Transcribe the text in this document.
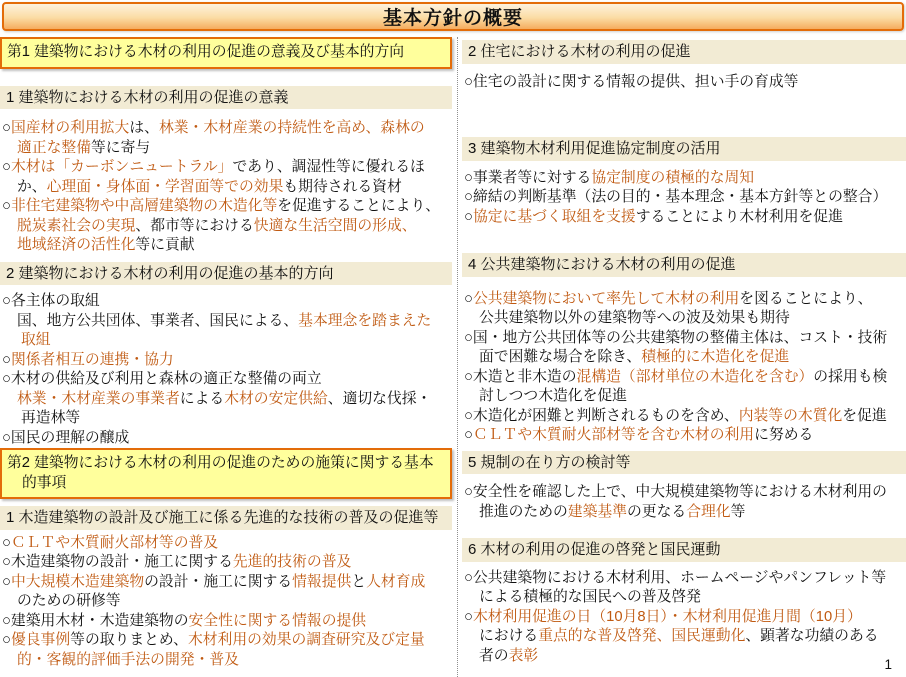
基本方針の概要
第1 建築物における木材の利用の促進の意義及び基本的方向
1 建築物における木材の利用の促進の意義
○国産材の利用拡大は、林業・木材産業の持続性を高め、森林の
適正な整備等に寄与
○木材は「カーボンニュートラル」であり、調湿性等に優れるほ
か、心理面・身体面・学習面等での効果も期待される資材
○非住宅建築物や中高層建築物の木造化等を促進することにより、
脱炭素社会の実現、都市等における快適な生活空間の形成、
地域経済の活性化等に貢献
2 建築物における木材の利用の促進の基本的方向
○各主体の取組
国、地方公共団体、事業者、国民による、基本理念を踏まえた
取組
○関係者相互の連携・協力
○木材の供給及び利用と森林の適正な整備の両立
林業・木材産業の事業者による木材の安定供給、適切な伐採・
再造林等
○国民の理解の醸成
第2 建築物における木材の利用の促進のための施策に関する基本
的事項
1 木造建築物の設計及び施工に係る先進的な技術の普及の促進等
○ＣＬＴや木質耐火部材等の普及
○木造建築物の設計・施工に関する先進的技術の普及
○中大規模木造建築物の設計・施工に関する情報提供と人材育成
のための研修等
○建築用木材・木造建築物の安全性に関する情報の提供
○優良事例等の取りまとめ、木材利用の効果の調査研究及び定量
的・客観的評価手法の開発・普及
2 住宅における木材の利用の促進
○住宅の設計に関する情報の提供、担い手の育成等
3 建築物木材利用促進協定制度の活用
○事業者等に対する協定制度の積極的な周知
○締結の判断基準（法の目的・基本理念・基本方針等との整合）
○協定に基づく取組を支援することにより木材利用を促進
4 公共建築物における木材の利用の促進
○公共建築物において率先して木材の利用を図ることにより、
公共建築物以外の建築物等への波及効果も期待
○国・地方公共団体等の公共建築物の整備主体は、コスト・技術
面で困難な場合を除き、積極的に木造化を促進
○木造と非木造の混構造（部材単位の木造化を含む）の採用も検
討しつつ木造化を促進
○木造化が困難と判断されるものを含め、内装等の木質化を促進
○ＣＬＴや木質耐火部材等を含む木材の利用に努める
5 規制の在り方の検討等
○安全性を確認した上で、中大規模建築物等における木材利用の
推進のための建築基準の更なる合理化等
6 木材の利用の促進の啓発と国民運動
○公共建築物における木材利用、ホームページやパンフレット等
による積極的な国民への普及啓発
○木材利用促進の日（10月8日）・木材利用促進月間（10月）
における重点的な普及啓発、国民運動化、顕著な功績のある
者の表彰
1
